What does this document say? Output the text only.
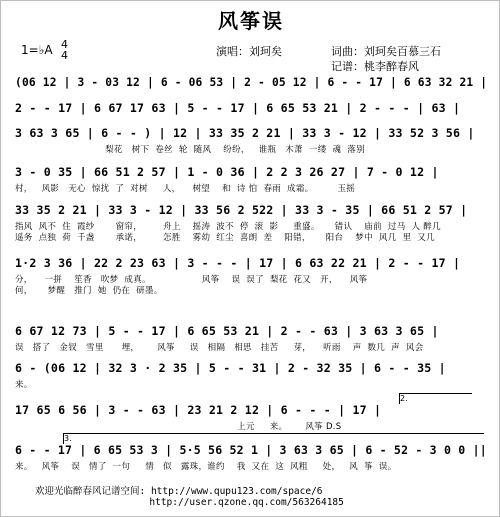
风筝误
1=♭A 4
4	演唱：刘珂矣	词曲：刘珂矣百慕三石
记谱：桃李醉春风
(06 12 | 3 - 03 12 | 6 - 06 53 | 2 - 05 12 | 6 - - 17 | 6 63 32 21 |
2 - - 17 | 6 67 17 63 | 5 - - 17 | 6 65 53 21 | 2 - - - | 63 |
3 63 3 65 | 6 - - ) | 12 | 33 35 2 21 | 33 3 - 12 | 33 52 3 56 |
梨花   树下  卷丝  轮  随风    纷纷，   谁瓶   木萧  一缕  魂  落别
3 - 0 35 | 66 51 2 57 | 1 - 0 36 | 2 2 3 26 27 | 7 - 0 12 |
村，   风影   无心  惊扰  了  对树     人，    树望    和  诗 怕  春雨  成霜。        玉摇
33 35 2 21 | 33 3 - 12 | 33 56 2 522 | 33 3 - 35 | 66 51 2 57 |
指风  风不  住  霞纱       窗帘，       舟上    摇涛  波不  停  滚  影     重盛。     错认    庙前  过马  人 醉几
遥务  点独  荷  千盏       承诺，       怎胜    雾幼  红尘  喜朗  差    阳错，     阳台    梦中  风几  里  又几
1·2 3 36 | 22 2 23 63 | 3 - - - | 17 | 6 63 22 21 | 2 - - 17 |
分，    一拼    笙香   吹梦  成真。                 风筝    误  误了  梨花  花又   开，    风筝
何，     梦醒   推门  她  仍在  研墨。
6 67 12 73 | 5 - - 17 | 6 65 53 21 | 2 - - 63 | 3 63 3 65 |
误   搭了   金钗   雪里      埋，      风筝     误   相隔   相思   挂苦     芽，    听雨    声  数几  声  风会
6 - (06 12 | 32 3 · 2 35 | 5 - - 31 | 2 - 32 35 | 6 - - 35 |
来。
2.
17 65 6 56 | 3 - - 63 | 23 21 2 12 | 6 - - - | 17 |
上元     来。      风筝 D.S
3.
6 - - 17 | 6 65 53 3 | 5·5 56 52 1 | 3 63 3 65 | 6 - 52 - 3 0 0 ||
来。   风筝    误   情了  一句     情   似   露珠，谁约    我  又在  这  风粗     处，   风  筝  误。
欢迎光临醉春风记谱空间: http://www.qupu123.com/space/6
http://user.qzone.qq.com/563264185
